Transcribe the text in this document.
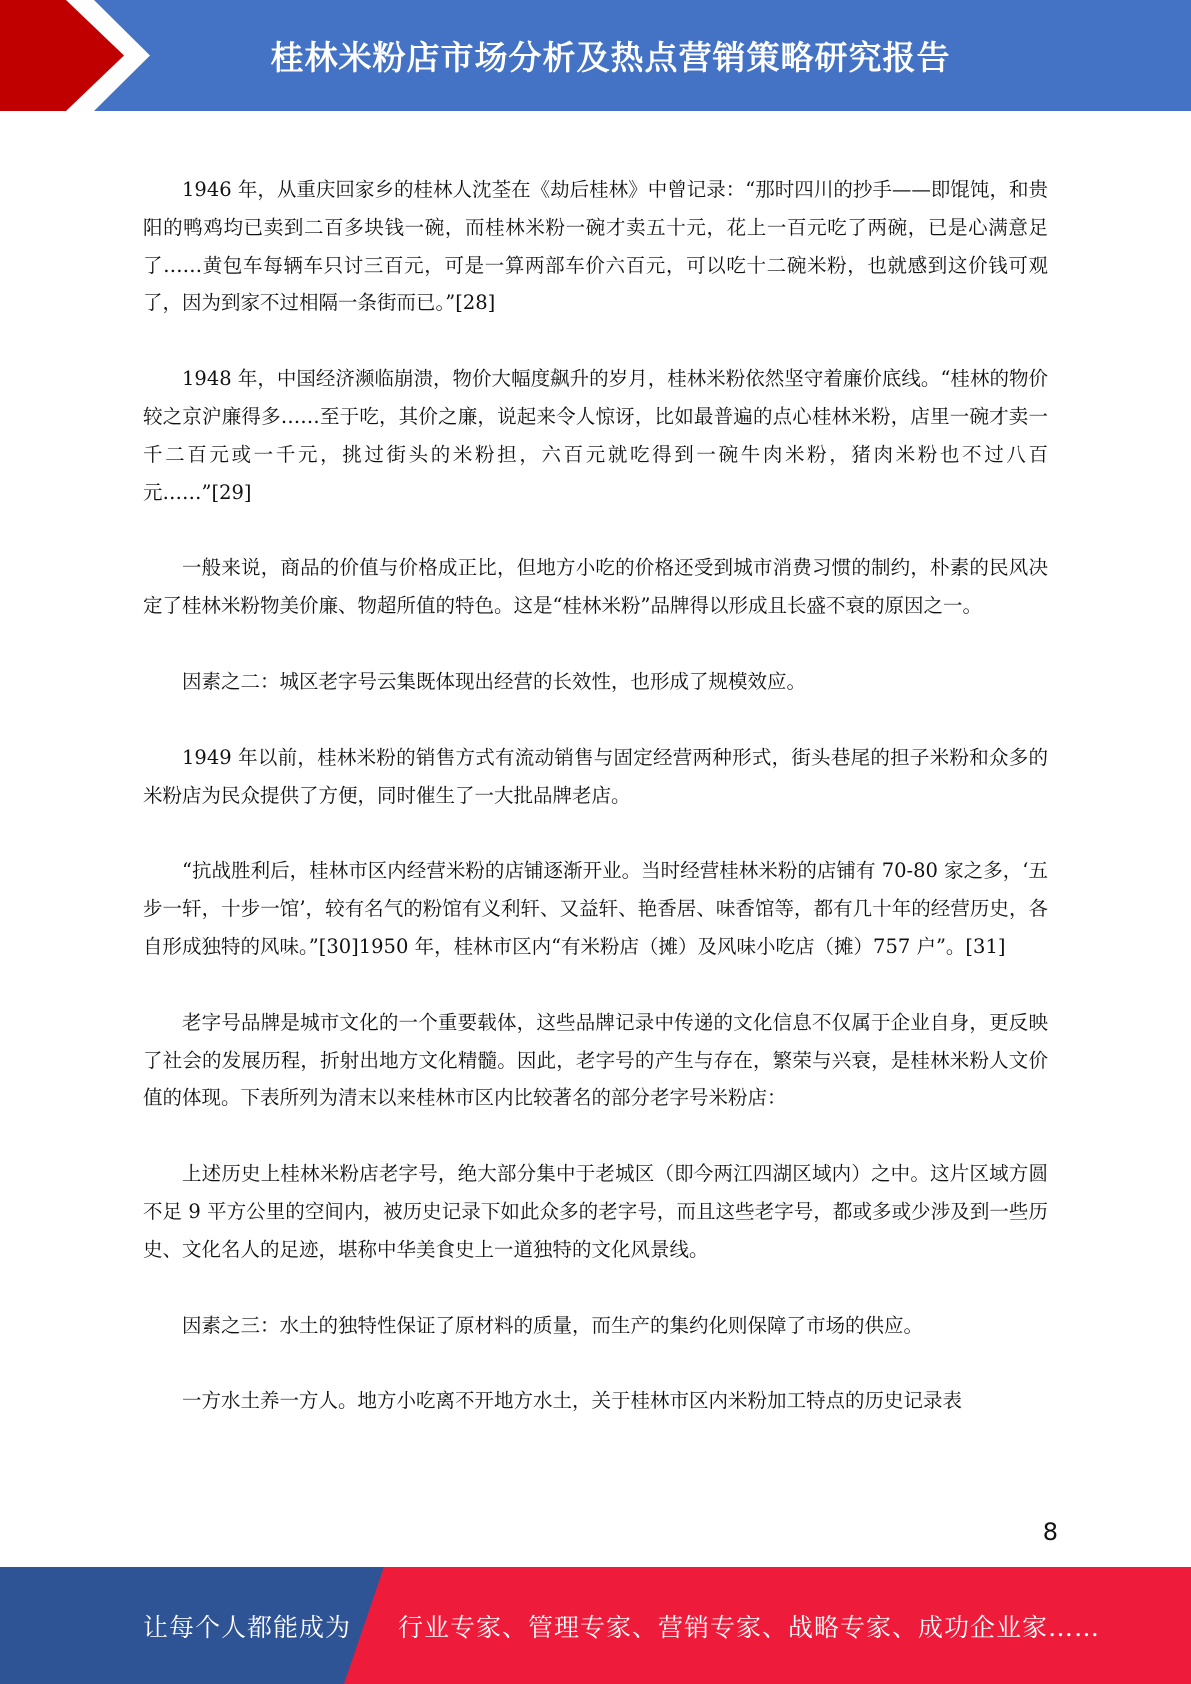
桂林米粉店市场分析及热点营销策略研究报告

1946 年，从重庆回家乡的桂林人沈荃在《劫后桂林》中曾记录：“那时四川的抄手——即馄饨，和贵阳的鸭鸡均已卖到二百多块钱一碗，而桂林米粉一碗才卖五十元，花上一百元吃了两碗，已是心满意足了……黄包车每辆车只讨三百元，可是一算两部车价六百元，可以吃十二碗米粉，也就感到这价钱可观了，因为到家不过相隔一条街而已。”[28]

1948 年，中国经济濒临崩溃，物价大幅度飙升的岁月，桂林米粉依然坚守着廉价底线。“桂林的物价较之京沪廉得多……至于吃，其价之廉，说起来令人惊讶，比如最普遍的点心桂林米粉，店里一碗才卖一千二百元或一千元，挑过街头的米粉担，六百元就吃得到一碗牛肉米粉，猪肉米粉也不过八百元……”[29]

一般来说，商品的价值与价格成正比，但地方小吃的价格还受到城市消费习惯的制约，朴素的民风决定了桂林米粉物美价廉、物超所值的特色。这是“桂林米粉”品牌得以形成且长盛不衰的原因之一。

因素之二：城区老字号云集既体现出经营的长效性，也形成了规模效应。

1949 年以前，桂林米粉的销售方式有流动销售与固定经营两种形式，街头巷尾的担子米粉和众多的米粉店为民众提供了方便，同时催生了一大批品牌老店。

“抗战胜利后，桂林市区内经营米粉的店铺逐渐开业。当时经营桂林米粉的店铺有 70-80 家之多，‘五步一轩，十步一馆’，较有名气的粉馆有义利轩、又益轩、艳香居、味香馆等，都有几十年的经营历史，各自形成独特的风味。”[30]1950 年，桂林市区内“有米粉店（摊）及风味小吃店（摊）757 户”。[31]

老字号品牌是城市文化的一个重要载体，这些品牌记录中传递的文化信息不仅属于企业自身，更反映了社会的发展历程，折射出地方文化精髓。因此，老字号的产生与存在，繁荣与兴衰，是桂林米粉人文价值的体现。下表所列为清末以来桂林市区内比较著名的部分老字号米粉店：

上述历史上桂林米粉店老字号，绝大部分集中于老城区（即今两江四湖区域内）之中。这片区域方圆不足 9 平方公里的空间内，被历史记录下如此众多的老字号，而且这些老字号，都或多或少涉及到一些历史、文化名人的足迹，堪称中华美食史上一道独特的文化风景线。

因素之三：水土的独特性保证了原材料的质量，而生产的集约化则保障了市场的供应。

一方水土养一方人。地方小吃离不开地方水土，关于桂林市区内米粉加工特点的历史记录表

8
让每个人都能成为 行业专家、管理专家、营销专家、战略专家、成功企业家……
